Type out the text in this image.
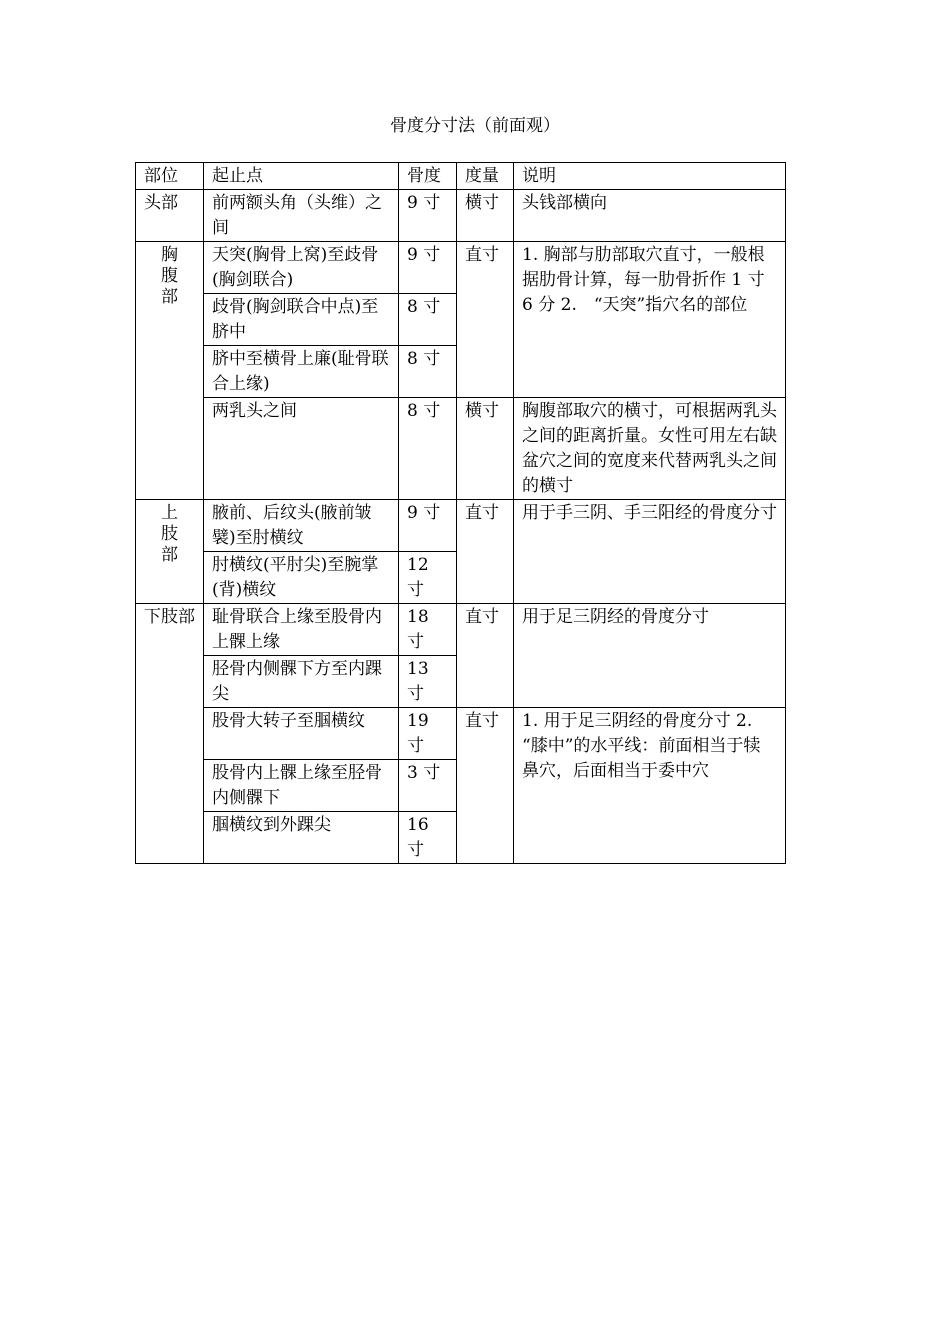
骨度分寸法（前面观）
部位	起止点	骨度	度量	说明
头部	前两额头角（头维）之间	9 寸	横寸	头钱部横向

胸腹部	天突(胸骨上窝)至歧骨(胸剑联合)	9 寸	直寸	1. 胸部与肋部取穴直寸，一般根据肋骨计算，每一肋骨折作 1 寸 6 分 2.　“天突”指穴名的部位
	歧骨(胸剑联合中点)至脐中	8 寸		
	脐中至横骨上廉(耻骨联合上缘)	8 寸		
	两乳头之间	8 寸	横寸	胸腹部取穴的横寸，可根据两乳头之间的距离折量。女性可用左右缺盆穴之间的宽度来代替两乳头之间的横寸

上肢部	腋前、后纹头(腋前皱襞)至肘横纹	9 寸	直寸	用于手三阴、手三阳经的骨度分寸
	肘横纹(平肘尖)至腕掌(背)横纹	12 寸		
下肢部	耻骨联合上缘至股骨内上髁上缘	18 寸	直寸	用于足三阴经的骨度分寸
	胫骨内侧髁下方至内踝尖	13 寸		
	股骨大转子至腘横纹	19 寸	直寸	1. 用于足三阴经的骨度分寸 2. “膝中”的水平线：前面相当于犊鼻穴，后面相当于委中穴
	股骨内上髁上缘至胫骨内侧髁下	3 寸		
	腘横纹到外踝尖	16 寸		
